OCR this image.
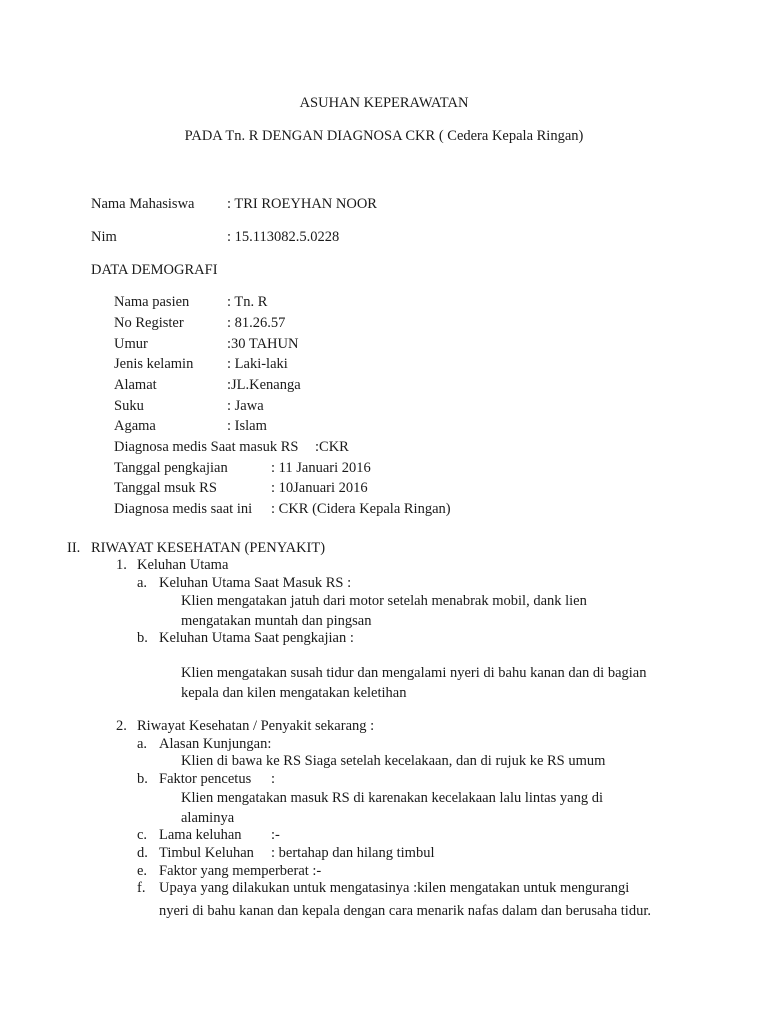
ASUHAN KEPERAWATAN
PADA Tn. R DENGAN DIAGNOSA CKR ( Cedera Kepala Ringan)
Nama Mahasiswa : TRI ROEYHAN NOOR
Nim	: 15.113082.5.0228
DATA DEMOGRAFI
Nama pasien	: Tn. R
No Register	: 81.26.57
Umur	:30 TAHUN
Jenis kelamin : Laki-laki
Alamat	:JL.Kenanga
Suku	: Jawa
Agama	: Islam
Diagnosa medis Saat masuk RS :CKR
Tanggal pengkajian	: 11 Januari 2016
Tanggal msuk RS	: 10Januari 2016
Diagnosa medis saat ini : CKR (Cidera Kepala Ringan)
II. RIWAYAT KESEHATAN (PENYAKIT)
1. Keluhan Utama
a. Keluhan Utama Saat Masuk RS :
Klien mengatakan jatuh dari motor setelah menabrak mobil, dank lien
mengatakan muntah dan pingsan
b. Keluhan Utama Saat pengkajian :
Klien mengatakan susah tidur dan mengalami nyeri di bahu kanan dan di bagian
kepala dan kilen mengatakan keletihan
2. Riwayat Kesehatan / Penyakit sekarang :
a. Alasan Kunjungan:
Klien di bawa ke RS Siaga setelah kecelakaan, dan di rujuk ke RS umum
b. Faktor pencetus :
Klien mengatakan masuk RS di karenakan kecelakaan lalu lintas yang di
alaminya
c. Lama keluhan :-
d. Timbul Keluhan : bertahap dan hilang timbul
e. Faktor yang memperberat :-
f. Upaya yang dilakukan untuk mengatasinya :kilen mengatakan untuk mengurangi
nyeri di bahu kanan dan kepala dengan cara menarik nafas dalam dan berusaha tidur.
